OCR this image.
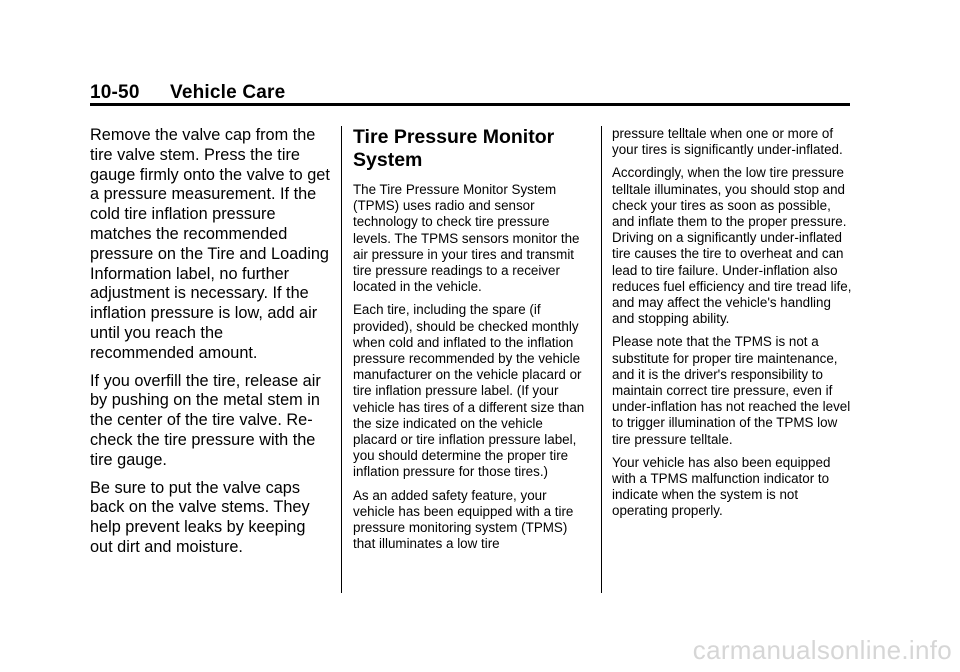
10-50 Vehicle Care

Remove the valve cap from the tire valve stem. Press the tire gauge firmly onto the valve to get a pressure measurement. If the cold tire inflation pressure matches the recommended pressure on the Tire and Loading Information label, no further adjustment is necessary. If the inflation pressure is low, add air until you reach the recommended amount.

If you overfill the tire, release air by pushing on the metal stem in the center of the tire valve. Re-check the tire pressure with the tire gauge.

Be sure to put the valve caps back on the valve stems. They help prevent leaks by keeping out dirt and moisture.

Tire Pressure Monitor System

The Tire Pressure Monitor System (TPMS) uses radio and sensor technology to check tire pressure levels. The TPMS sensors monitor the air pressure in your tires and transmit tire pressure readings to a receiver located in the vehicle.

Each tire, including the spare (if provided), should be checked monthly when cold and inflated to the inflation pressure recommended by the vehicle manufacturer on the vehicle placard or tire inflation pressure label. (If your vehicle has tires of a different size than the size indicated on the vehicle placard or tire inflation pressure label, you should determine the proper tire inflation pressure for those tires.)

As an added safety feature, your vehicle has been equipped with a tire pressure monitoring system (TPMS) that illuminates a low tire

pressure telltale when one or more of your tires is significantly under-inflated.

Accordingly, when the low tire pressure telltale illuminates, you should stop and check your tires as soon as possible, and inflate them to the proper pressure. Driving on a significantly under-inflated tire causes the tire to overheat and can lead to tire failure. Under-inflation also reduces fuel efficiency and tire tread life, and may affect the vehicle's handling and stopping ability.

Please note that the TPMS is not a substitute for proper tire maintenance, and it is the driver's responsibility to maintain correct tire pressure, even if under-inflation has not reached the level to trigger illumination of the TPMS low tire pressure telltale.

Your vehicle has also been equipped with a TPMS malfunction indicator to indicate when the system is not operating properly.

carmanualsonline.info
